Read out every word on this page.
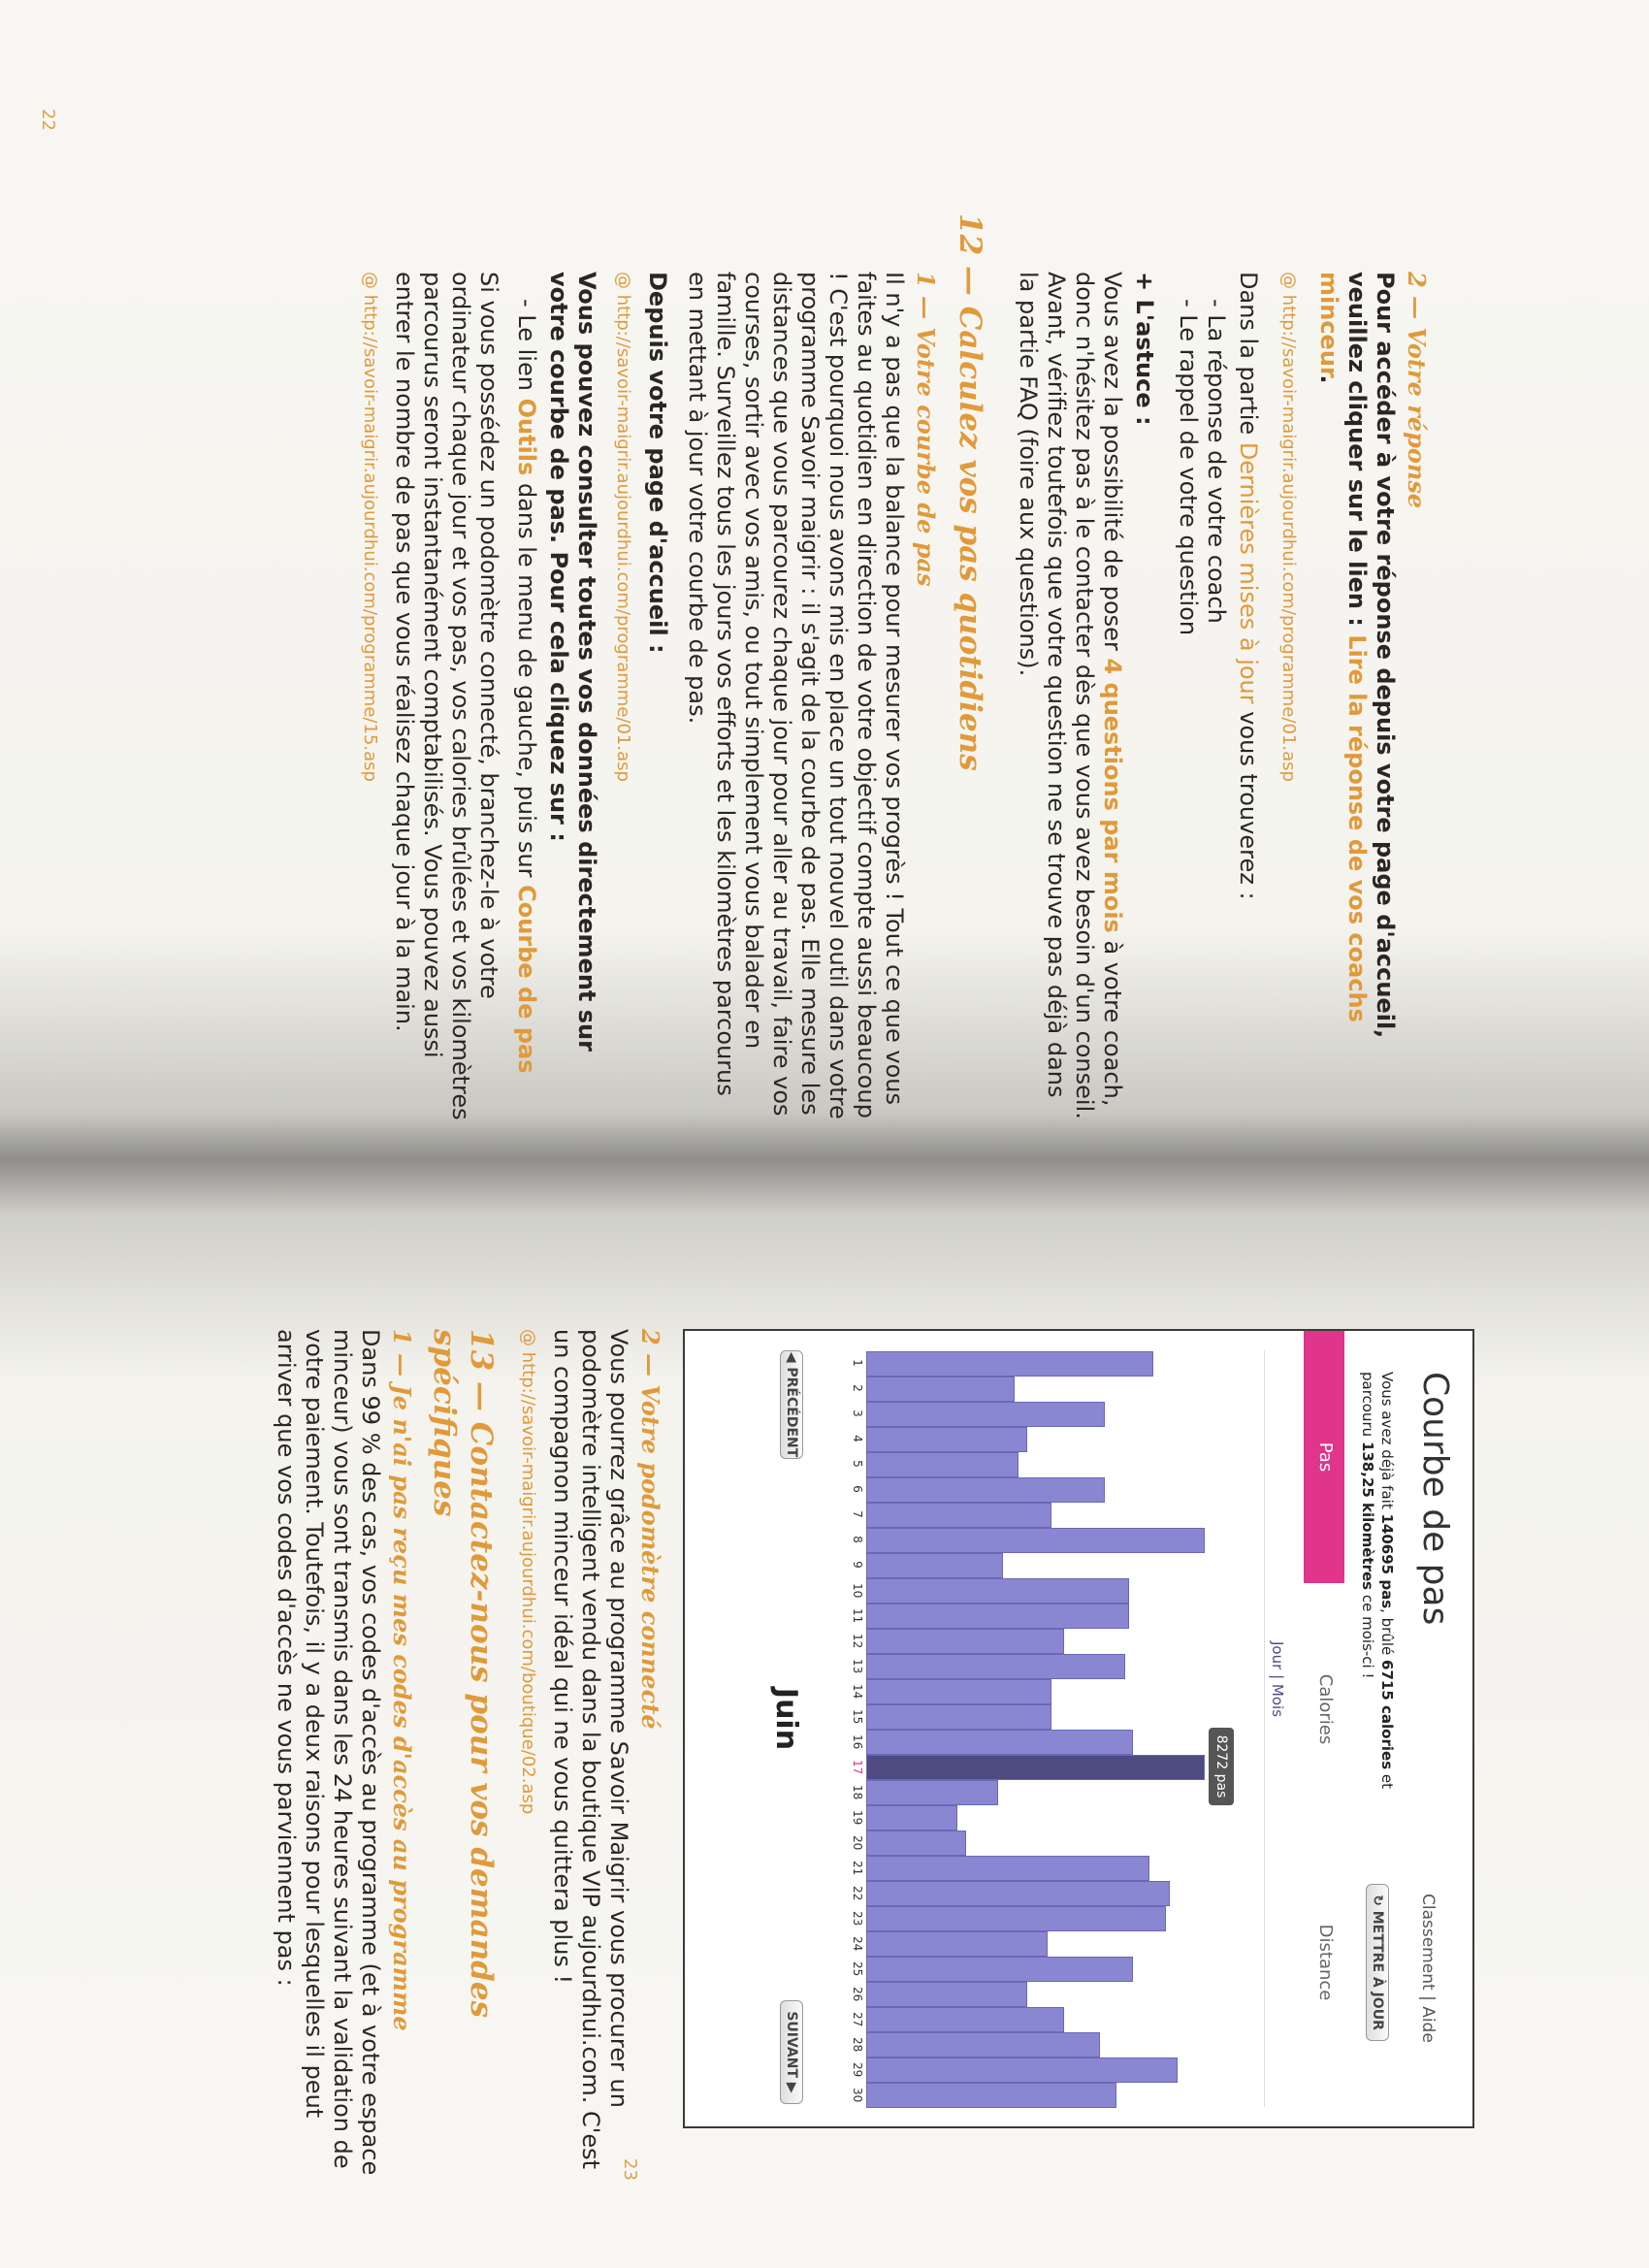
22

2 — Votre réponse

Pour accéder à votre réponse depuis votre page d'accueil, veuillez cliquer sur le lien : Lire la réponse de vos coachs minceur.

@ http://savoir-maigrir.aujourdhui.com/programme/01.asp

Dans la partie Dernières mises à jour vous trouverez :

- La réponse de votre coach

- Le rappel de votre question

+ L'astuce :

Vous avez la possibilité de poser 4 questions par mois à votre coach, donc n'hésitez pas à le contacter dès que vous avez besoin d'un conseil. Avant, vérifiez toutefois que votre question ne se trouve pas déjà dans la partie FAQ (foire aux questions).

12 — Calculez vos pas quotidiens

1 — Votre courbe de pas

Il n'y a pas que la balance pour mesurer vos progrès ! Tout ce que vous faites au quotidien en direction de votre objectif compte aussi beaucoup ! C'est pourquoi nous avons mis en place un tout nouvel outil dans votre programme Savoir maigrir : il s'agit de la courbe de pas. Elle mesure les distances que vous parcourez chaque jour pour aller au travail, faire vos courses, sortir avec vos amis, ou tout simplement vous balader en famille. Surveillez tous les jours vos efforts et les kilomètres parcourus en mettant à jour votre courbe de pas.

Depuis votre page d'accueil :

@ http://savoir-maigrir.aujourdhui.com/programme/01.asp

Vous pouvez consulter toutes vos données directement sur votre courbe de pas. Pour cela cliquez sur :

- Le lien Outils dans le menu de gauche, puis sur Courbe de pas

Si vous possédez un podomètre connecté, branchez-le à votre ordinateur chaque jour et vos pas, vos calories brûlées et vos kilomètres parcourus seront instantanément comptabilisés. Vous pouvez aussi entrer le nombre de pas que vous réalisez chaque jour à la main.

@ http://savoir-maigrir.aujourdhui.com/programme/15.asp

23
Courbe de pas
Classement | Aide
Vous avez déjà fait 140695 pas, brûlé 6715 calories et parcouru 138,25 kilomètres ce mois-ci !
↻ METTRE À JOUR
Pas
Calories
Distance
Jour | Mois
1
2
3
4
5
6
7
8
9
10
11
12
13
14
15
16
17
18
19
20
21
22
23
24
25
26
27
28
29
30
8272 pas
◀ PRÉCÉDENT
Juin
SUIVANT ▶

2 — Votre podomètre connecté

Vous pourrez grâce au programme Savoir Maigrir vous procurer un podomètre intelligent vendu dans la boutique VIP aujourdhui.com. C'est un compagnon minceur idéal qui ne vous quittera plus !

@ http://savoir-maigrir.aujourdhui.com/boutique/02.asp

13 — Contactez-nous pour vos demandes spécifiques

1 — Je n'ai pas reçu mes codes d'accès au programme

Dans 99 % des cas, vos codes d'accès au programme (et à votre espace minceur) vous sont transmis dans les 24 heures suivant la validation de votre paiement. Toutefois, il y a deux raisons pour lesquelles il peut arriver que vos codes d'accès ne vous parviennent pas :
